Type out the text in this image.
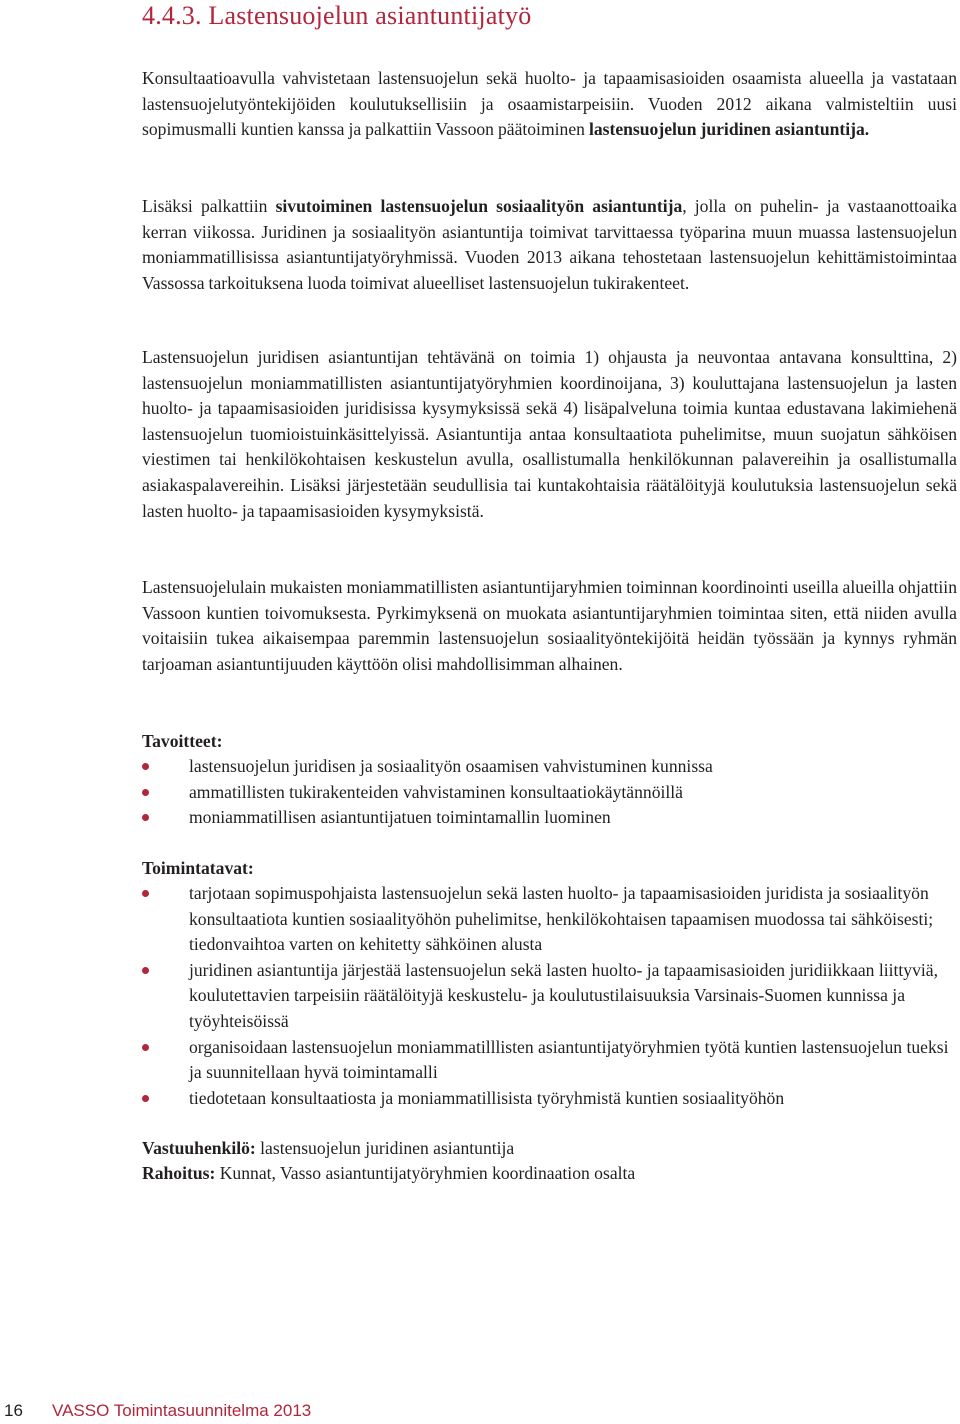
4.4.3. Lastensuojelun asiantuntijatyö

Konsultaatioavulla vahvistetaan lastensuojelun sekä huolto- ja tapaamisasioiden osaamista alueella ja vastataan lastensuojelutyöntekijöiden koulutuksellisiin ja osaamistarpeisiin. Vuoden 2012 aikana valmisteltiin uusi sopimusmalli kuntien kanssa ja palkattiin Vassoon päätoiminen lastensuojelun juridinen asiantuntija.

Lisäksi palkattiin sivutoiminen lastensuojelun sosiaalityön asiantuntija, jolla on puhelin- ja vastaanottoaika kerran viikossa. Juridinen ja sosiaalityön asiantuntija toimivat tarvittaessa työparina muun muassa lastensuojelun moniammatillisissa asiantuntijatyöryhmissä. Vuoden 2013 aikana tehostetaan lastensuojelun kehittämistoimintaa Vassossa tarkoituksena luoda toimivat alueelliset lastensuojelun tukirakenteet.

Lastensuojelun juridisen asiantuntijan tehtävänä on toimia 1) ohjausta ja neuvontaa antavana konsulttina, 2) lastensuojelun moniammatillisten asiantuntijatyöryhmien koordinoijana, 3) kouluttajana lastensuojelun ja lasten huolto- ja tapaamisasioiden juridisissa kysymyksissä sekä 4) lisäpalveluna toimia kuntaa edustavana lakimiehenä lastensuojelun tuomioistuinkäsittelyissä. Asiantuntija antaa konsultaatiota puhelimitse, muun suojatun sähköisen viestimen tai henkilökohtaisen keskustelun avulla, osallistumalla henkilökunnan palavereihin ja osallistumalla asiakaspalavereihin. Lisäksi järjestetään seudullisia tai kuntakohtaisia räätälöityjä koulutuksia lastensuojelun sekä lasten huolto- ja tapaamisasioiden kysymyksistä.

Lastensuojelulain mukaisten moniammatillisten asiantuntijaryhmien toiminnan koordinointi useilla alueilla ohjattiin Vassoon kuntien toivomuksesta. Pyrkimyksenä on muokata asiantuntijaryhmien toimintaa siten, että niiden avulla voitaisiin tukea aikaisempaa paremmin lastensuojelun sosiaalityöntekijöitä heidän työssään ja kynnys ryhmän tarjoaman asiantuntijuuden käyttöön olisi mahdollisimman alhainen.

Tavoitteet:

lastensuojelun juridisen ja sosiaalityön osaamisen vahvistuminen kunnissa
ammatillisten tukirakenteiden vahvistaminen konsultaatiokäytännöillä
moniammatillisen asiantuntijatuen toimintamallin luominen

Toimintatavat:

tarjotaan sopimuspohjaista lastensuojelun sekä lasten huolto- ja tapaamisasioiden juridista ja sosiaalityön konsultaatiota kuntien sosiaalityöhön puhelimitse, henkilökohtaisen tapaamisen muodossa tai sähköisesti; tiedonvaihtoa varten on kehitetty sähköinen alusta
juridinen asiantuntija järjestää lastensuojelun sekä lasten huolto- ja tapaamisasioiden juridiikkaan liittyviä, koulutettavien tarpeisiin räätälöityjä keskustelu- ja koulutustilaisuuksia Varsinais-Suomen kunnissa ja työyhteisöissä
organisoidaan lastensuojelun moniammatilllisten asiantuntijatyöryhmien työtä kuntien lastensuojelun tueksi ja suunnitellaan hyvä toimintamalli
tiedotetaan konsultaatiosta ja moniammatillisista työryhmistä kuntien sosiaalityöhön

Vastuuhenkilö: lastensuojelun juridinen asiantuntija

Rahoitus: Kunnat, Vasso asiantuntijatyöryhmien koordinaation osalta

16 VASSO Toimintasuunnitelma 2013
